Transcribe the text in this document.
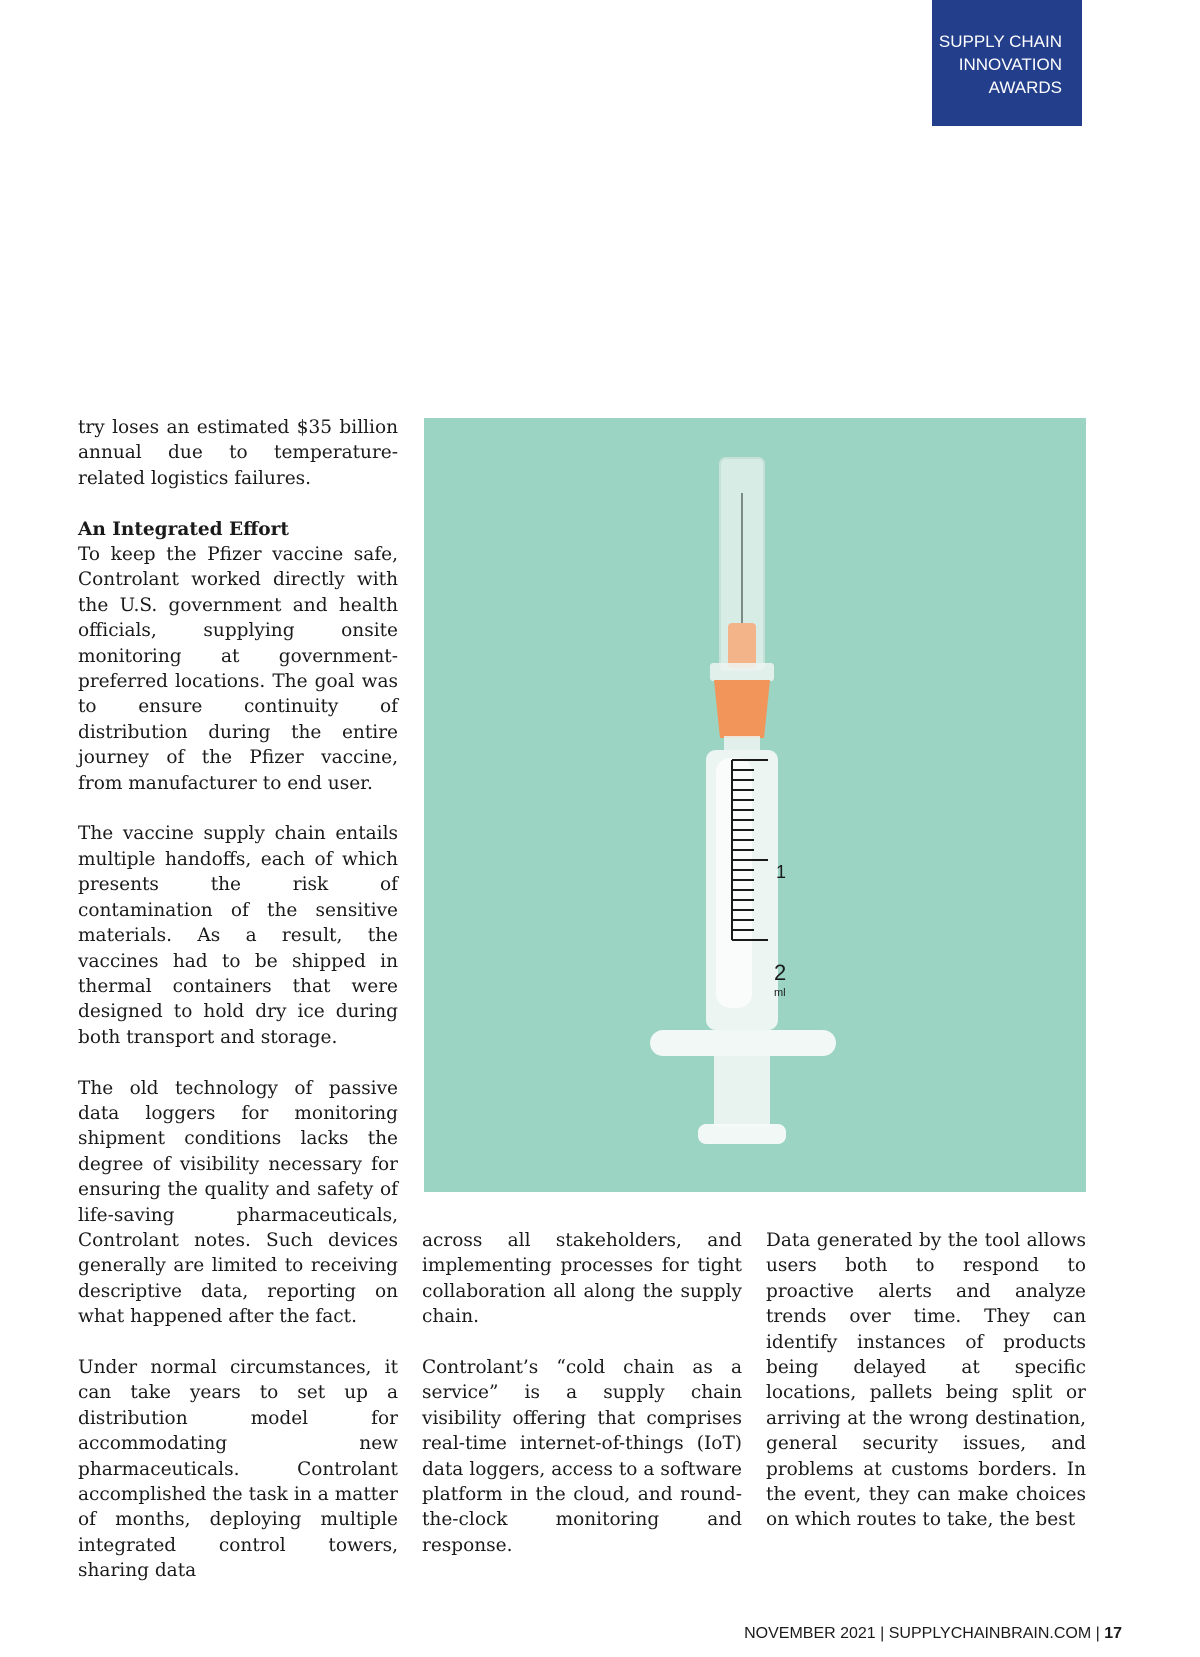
SUPPLY CHAIN
INNOVATION
AWARDS

try loses an estimated $35 billion annual due to temperature-related logistics failures.

An Integrated Effort

To keep the Pfizer vaccine safe, Controlant worked directly with the U.S. government and health officials, supplying onsite monitoring at government-preferred locations. The goal was to ensure continuity of distribution during the entire journey of the Pfizer vaccine, from manufacturer to end user.

The vaccine supply chain entails multiple handoffs, each of which presents the risk of contamination of the sensitive materials. As a result, the vaccines had to be shipped in thermal containers that were designed to hold dry ice during both transport and storage.

The old technology of passive data loggers for monitoring shipment conditions lacks the degree of visibility necessary for ensuring the quality and safety of life-saving pharmaceuticals, Controlant notes. Such devices generally are limited to receiving descriptive data, reporting on what happened after the fact.

Under normal circumstances, it can take years to set up a distribution model for accommodating new pharmaceuticals. Controlant accomplished the task in a matter of months, deploying multiple integrated control towers, sharing data

across all stakeholders, and implementing processes for tight collaboration all along the supply chain.

Controlant’s “cold chain as a service” is a supply chain visibility offering that comprises real-time internet-of-things (IoT) data loggers, access to a software platform in the cloud, and round-the-clock monitoring and response.

Data generated by the tool allows users both to respond to proactive alerts and analyze trends over time. They can identify instances of products being delayed at specific locations, pallets being split or arriving at the wrong destination, general security issues, and problems at customs borders. In the event, they can make choices on which routes to take, the best

1
2
ml
NOVEMBER 2021 | SUPPLYCHAINBRAIN.COM | 17
